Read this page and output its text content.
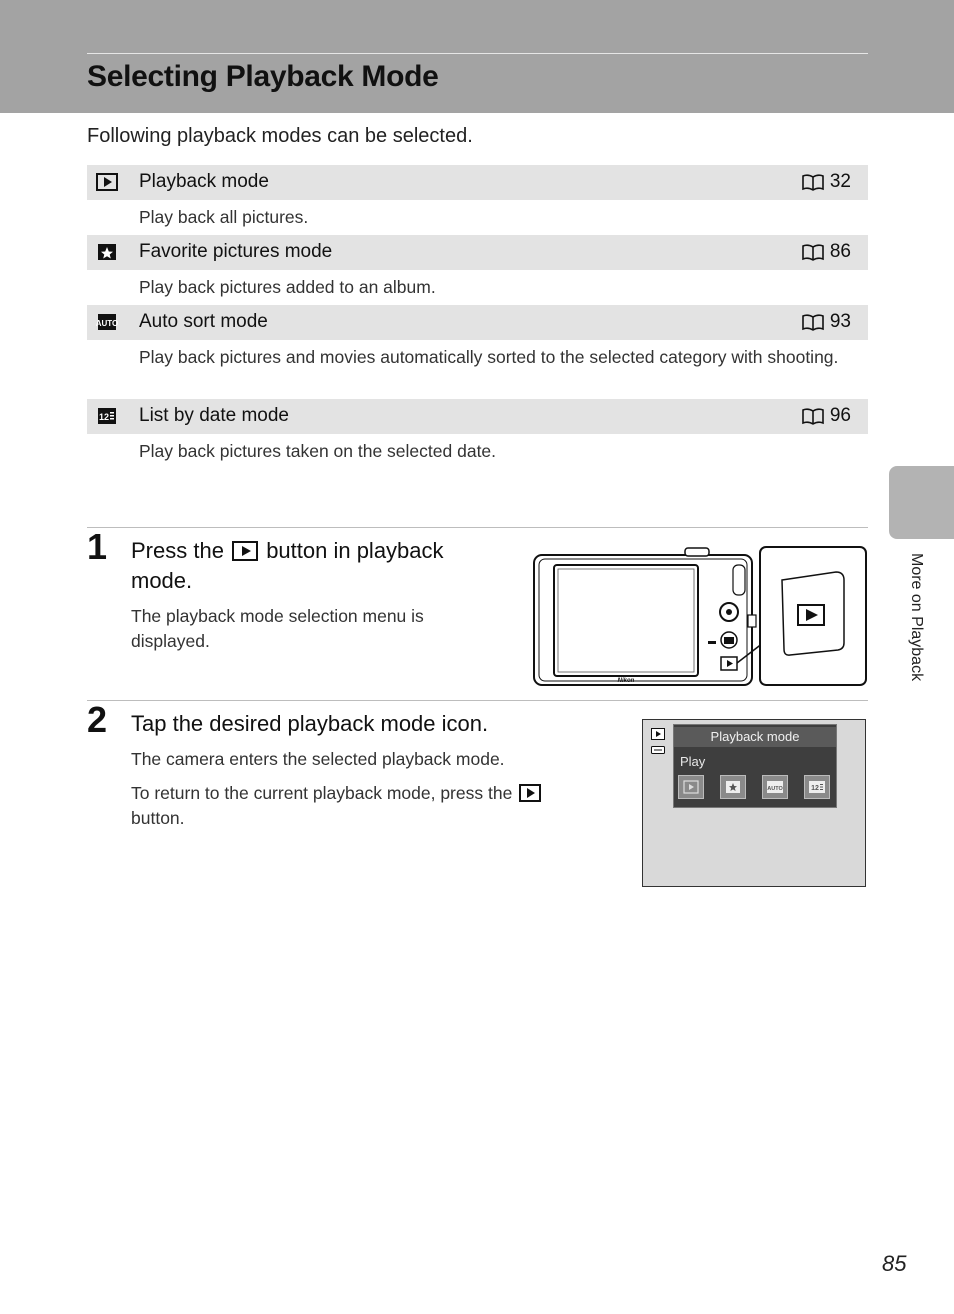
Selecting Playback Mode
Following playback modes can be selected.
Playback mode	32
Play back all pictures.
Favorite pictures mode	86
Play back pictures added to an album.
AUTO Auto sort mode	93
Play back pictures and movies automatically sorted to the selected category with shooting.
12 List by date mode	96
Play back pictures taken on the selected date.
More on Playback
1 Press the button in playback mode.
The playback mode selection menu is displayed.
Nikon
2 Tap the desired playback mode icon.
The camera enters the selected playback mode.
To return to the current playback mode, press the  button.
Playback mode
Play
AUTO	12
85
